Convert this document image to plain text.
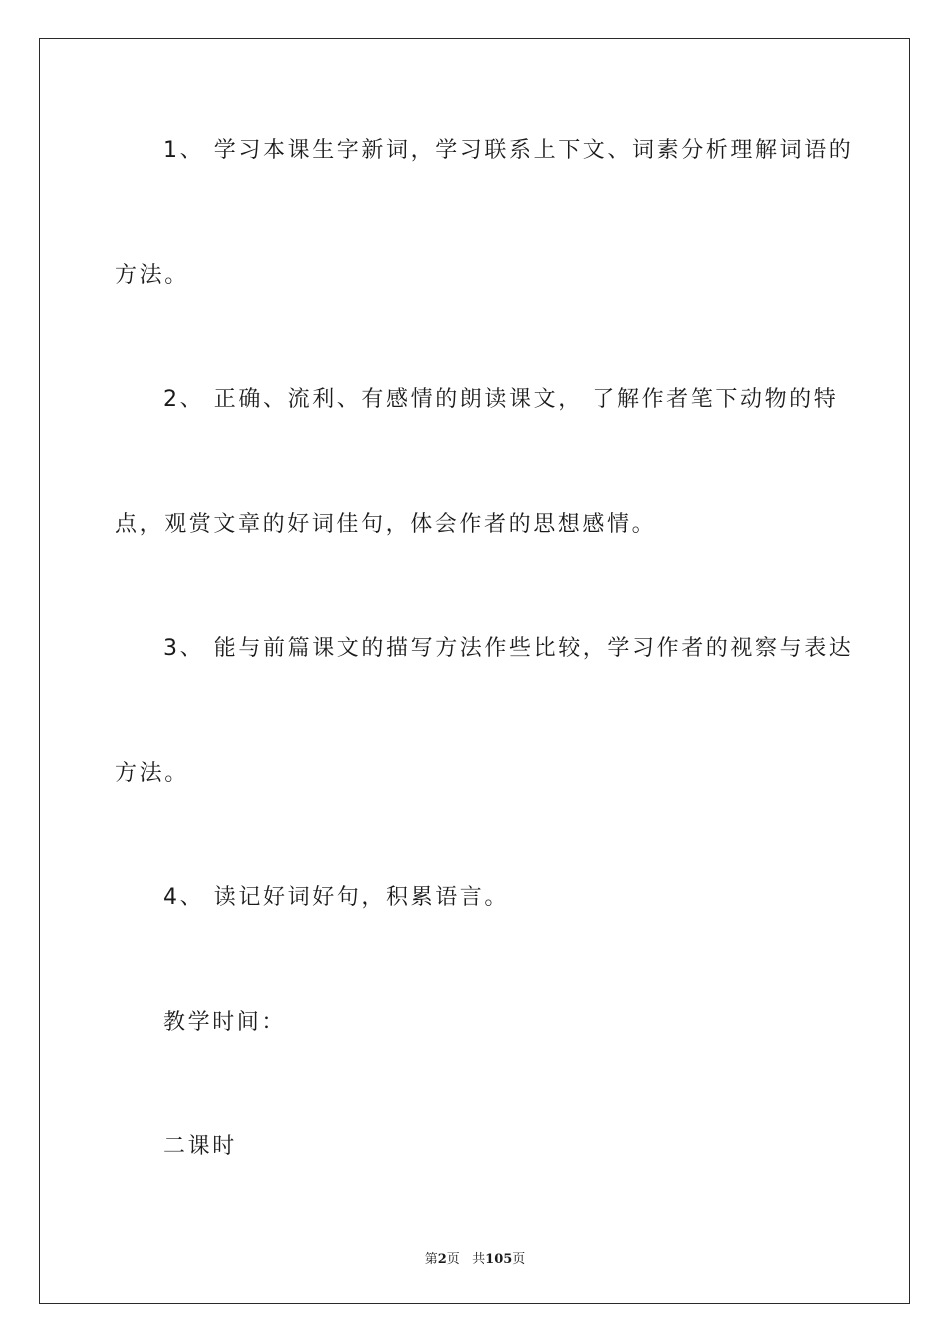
1、 学习本课生字新词，学习联系上下文、词素分析理解词语的
方法。
2、 正确、流利、有感情的朗读课文， 了解作者笔下动物的特
点，观赏文章的好词佳句，体会作者的思想感情。
3、 能与前篇课文的描写方法作些比较，学习作者的视察与表达
方法。
4、 读记好词好句，积累语言。
教学时间：
二课时
第2页   共105页
